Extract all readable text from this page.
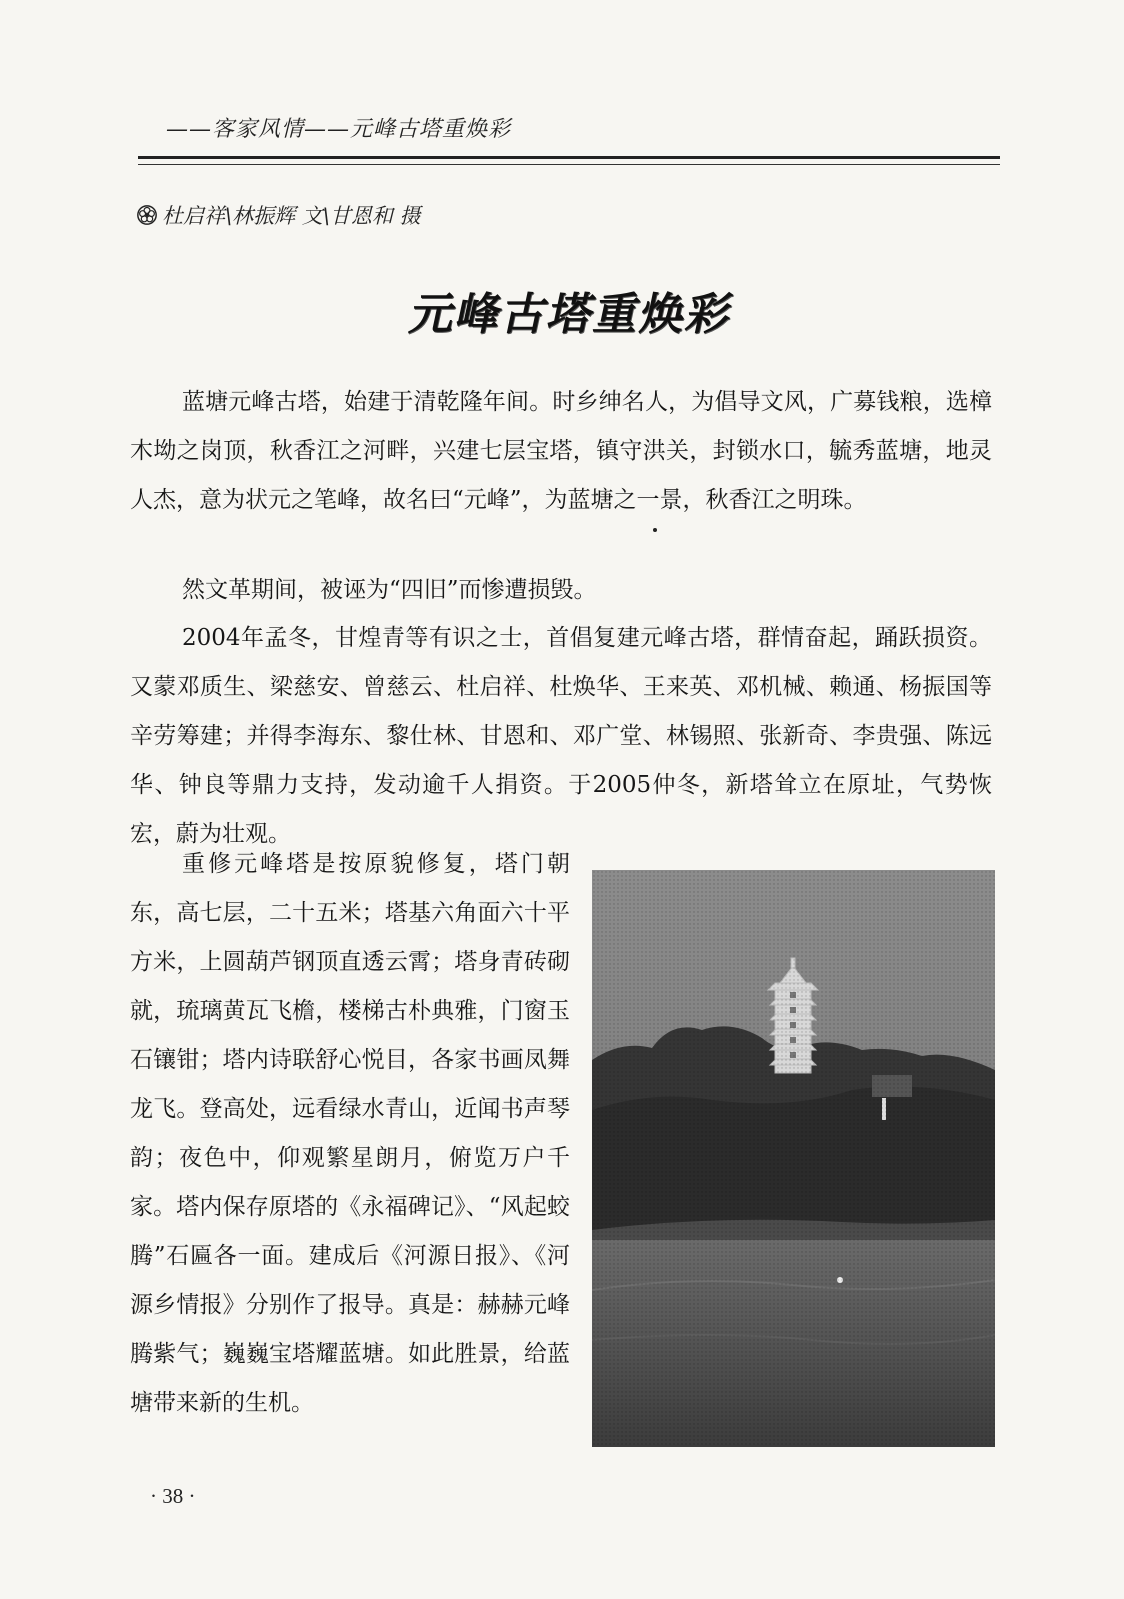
——客家风情——元峰古塔重焕彩
杜启祥\林振辉 文\甘恩和 摄
元峰古塔重焕彩

蓝塘元峰古塔，始建于清乾隆年间。时乡绅名人，为倡导文风，广募钱粮，选樟木坳之岗顶，秋香江之河畔，兴建七层宝塔，镇守洪关，封锁水口，毓秀蓝塘，地灵人杰，意为状元之笔峰，故名曰“元峰”，为蓝塘之一景，秋香江之明珠。

然文革期间，被诬为“四旧”而惨遭损毁。

2004年孟冬，甘煌青等有识之士，首倡复建元峰古塔，群情奋起，踊跃损资。又蒙邓质生、梁慈安、曾慈云、杜启祥、杜焕华、王来英、邓机械、赖通、杨振国等辛劳筹建；并得李海东、黎仕林、甘恩和、邓广堂、林锡照、张新奇、李贵强、陈远华、钟良等鼎力支持，发动逾千人捐资。于2005仲冬，新塔耸立在原址，气势恢宏，蔚为壮观。

重修元峰塔是按原貌修复，塔门朝东，高七层，二十五米；塔基六角面六十平方米，上圆葫芦钢顶直透云霄；塔身青砖砌就，琉璃黄瓦飞檐，楼梯古朴典雅，门窗玉石镶钳；塔内诗联舒心悦目，各家书画凤舞龙飞。登高处，远看绿水青山，近闻书声琴韵；夜色中，仰观繁星朗月，俯览万户千家。塔内保存原塔的《永福碑记》、“风起蛟腾”石匾各一面。建成后《河源日报》、《河源乡情报》分别作了报导。真是：赫赫元峰腾紫气；巍巍宝塔耀蓝塘。如此胜景，给蓝塘带来新的生机。

· 38 ·
